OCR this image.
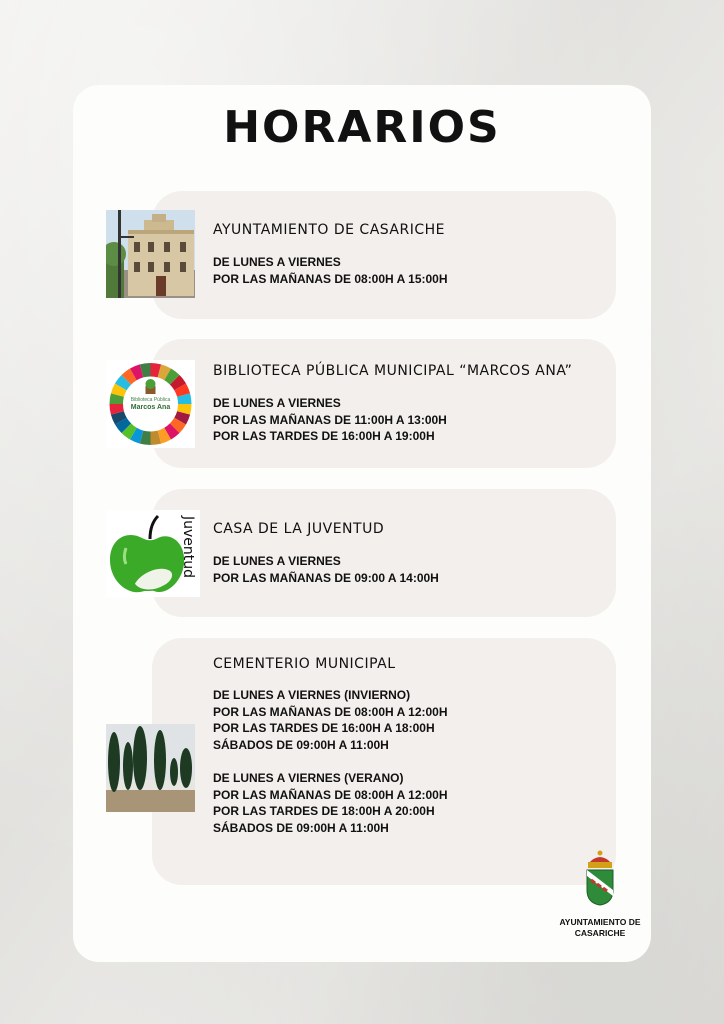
HORARIOS
AYUNTAMIENTO DE CASARICHE
DE LUNES A VIERNES
POR LAS MAÑANAS DE 08:00H A 15:00H
Biblioteca Pública
Marcos Ana
BIBLIOTECA PÚBLICA MUNICIPAL “MARCOS ANA”
DE LUNES A VIERNES
POR LAS MAÑANAS DE 11:00H A 13:00H
POR LAS TARDES DE 16:00H A 19:00H
Juventud CASA DE LA JUVENTUD
DE LUNES A VIERNES
POR LAS MAÑANAS DE 09:00 A 14:00H
CEMENTERIO MUNICIPAL
DE LUNES A VIERNES (INVIERNO)
POR LAS MAÑANAS DE 08:00H A 12:00H
POR LAS TARDES DE 16:00H A 18:00H
SÁBADOS DE 09:00H A 11:00H
DE LUNES A VIERNES (VERANO)
POR LAS MAÑANAS DE 08:00H A 12:00H
POR LAS TARDES DE 18:00H A 20:00H
SÁBADOS DE 09:00H A 11:00H
AYUNTAMIENTO DE
CASARICHE
